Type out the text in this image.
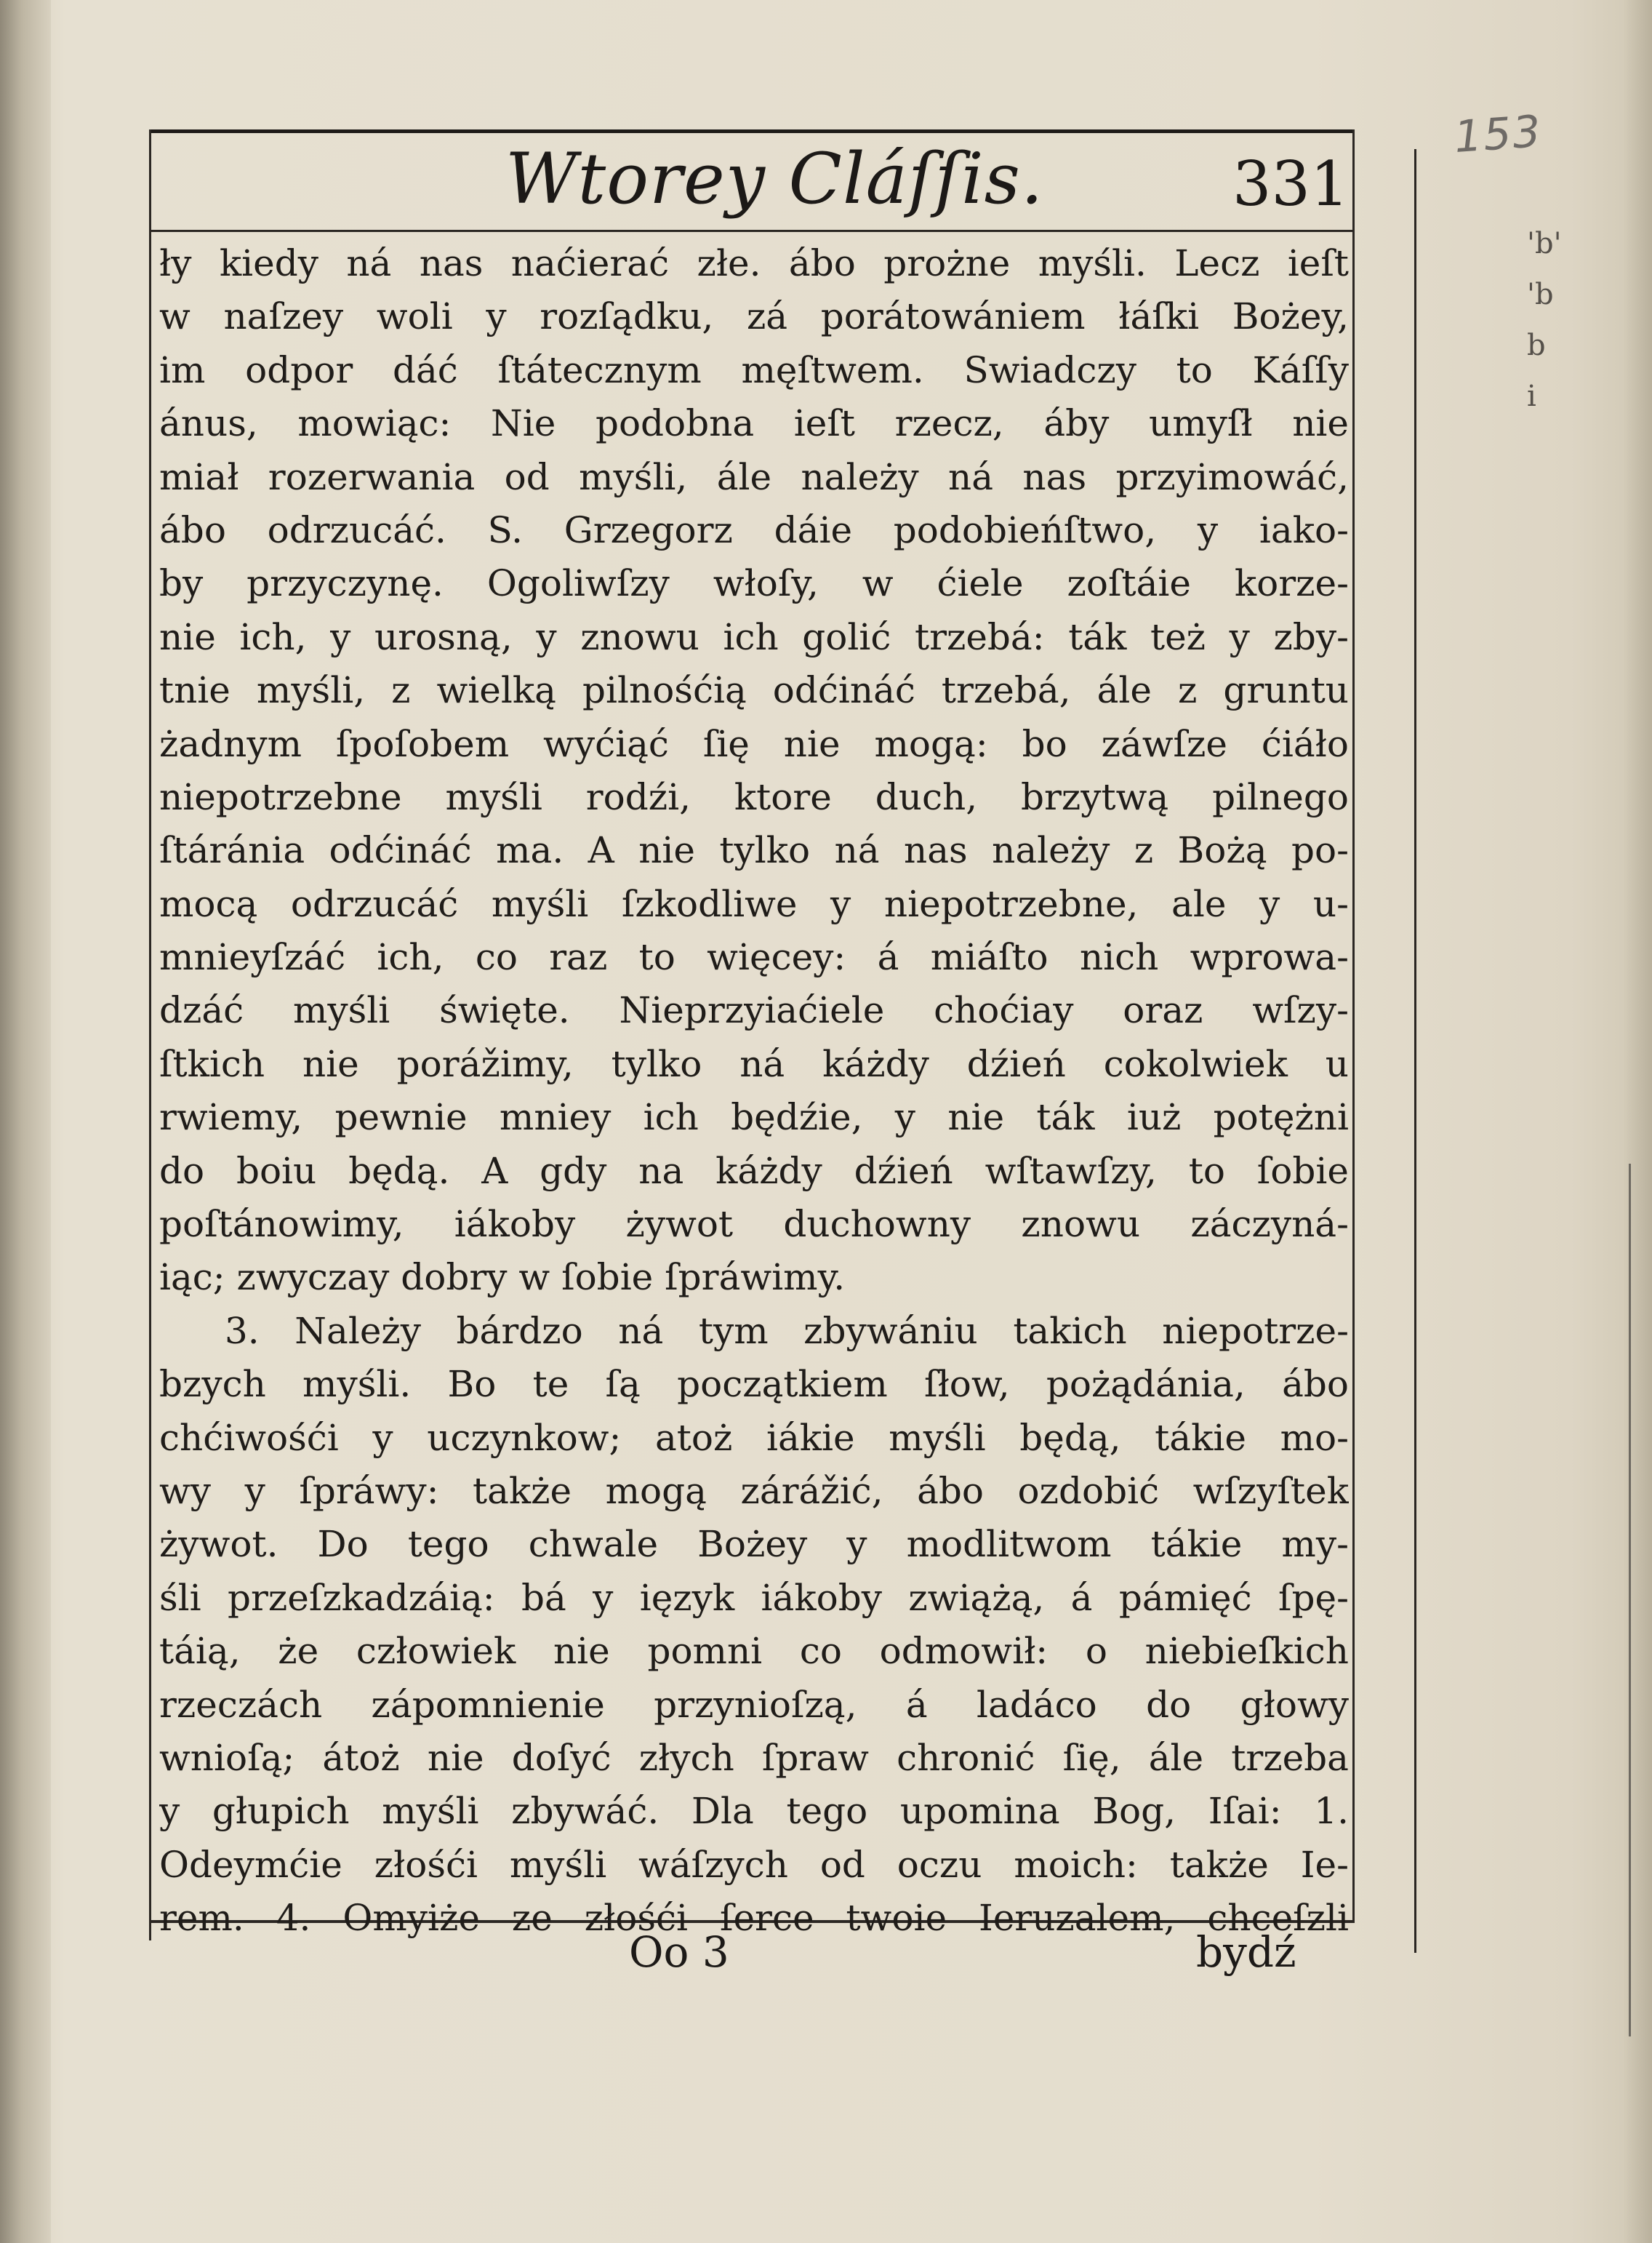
153
'b'
'b
b
i
Wtorey Cláſſis.	331
ły kiedy ná nas naćierać złe. ábo prożne myśli. Lecz ieſt
w naſzey woli y rozſądku, zá porátowániem łáſki Bożey,
im odpor dáć ſtátecznym męſtwem. Swiadczy to Káſſy
ánus, mowiąc: Nie podobna ieſt rzecz, áby umyſł nie
miał rozerwania od myśli, ále należy ná nas przyimowáć,
ábo odrzucáć. S. Grzegorz dáie podobieńſtwo, y iako-
by przyczynę. Ogoliwſzy włoſy, w ćiele zoſtáie korze-
nie ich, y urosną, y znowu ich golić trzebá: ták też y zby-
tnie myśli, z wielką pilnośćią odćináć trzebá, ále z gruntu
żadnym ſpoſobem wyćiąć ſię nie mogą: bo záwſze ćiáło
niepotrzebne myśli rodźi, ktore duch, brzytwą pilnego
ſtáránia odćináć ma. A nie tylko ná nas należy z Bożą po-
mocą odrzucáć myśli ſzkodliwe y niepotrzebne, ale y u-
mnieyſzáć ich, co raz to więcey: á miáſto nich wprowa-
dzáć myśli święte. Nieprzyiaćiele choćiay oraz wſzy-
ſtkich nie porážimy, tylko ná káżdy dźień cokolwiek u
rwiemy, pewnie mniey ich będźie, y nie ták iuż potężni
do boiu będą. A gdy na káżdy dźień wſtawſzy, to ſobie
poſtánowimy, iákoby żywot duchowny znowu záczyná-
iąc; zwyczay dobry w ſobie ſpráwimy.
3. Należy bárdzo ná tym zbywániu takich niepotrze-
bzych myśli. Bo te ſą początkiem ſłow, pożądánia, ábo
chćiwośći y uczynkow; atoż iákie myśli będą, tákie mo-
wy y ſpráwy: także mogą zárážić, ábo ozdobić wſzyſtek
żywot. Do tego chwale Bożey y modlitwom tákie my-
śli przeſzkadzáią: bá y ięzyk iákoby zwiążą, á pámięć ſpę-
táią, że człowiek nie pomni co odmowił: o niebieſkich
rzeczách zápomnienie przynioſzą, á ladáco do głowy
wnioſą; átoż nie doſyć złych ſpraw chronić ſię, ále trzeba
y głupich myśli zbywáć. Dla tego upomina Bog, Iſai: 1.
Odeymćie złośći myśli wáſzych od oczu moich: także Ie-
rem. 4. Omyiże ze złośći ſerce twoie Ieruzalem, chceſzli
Oo 3	bydź
